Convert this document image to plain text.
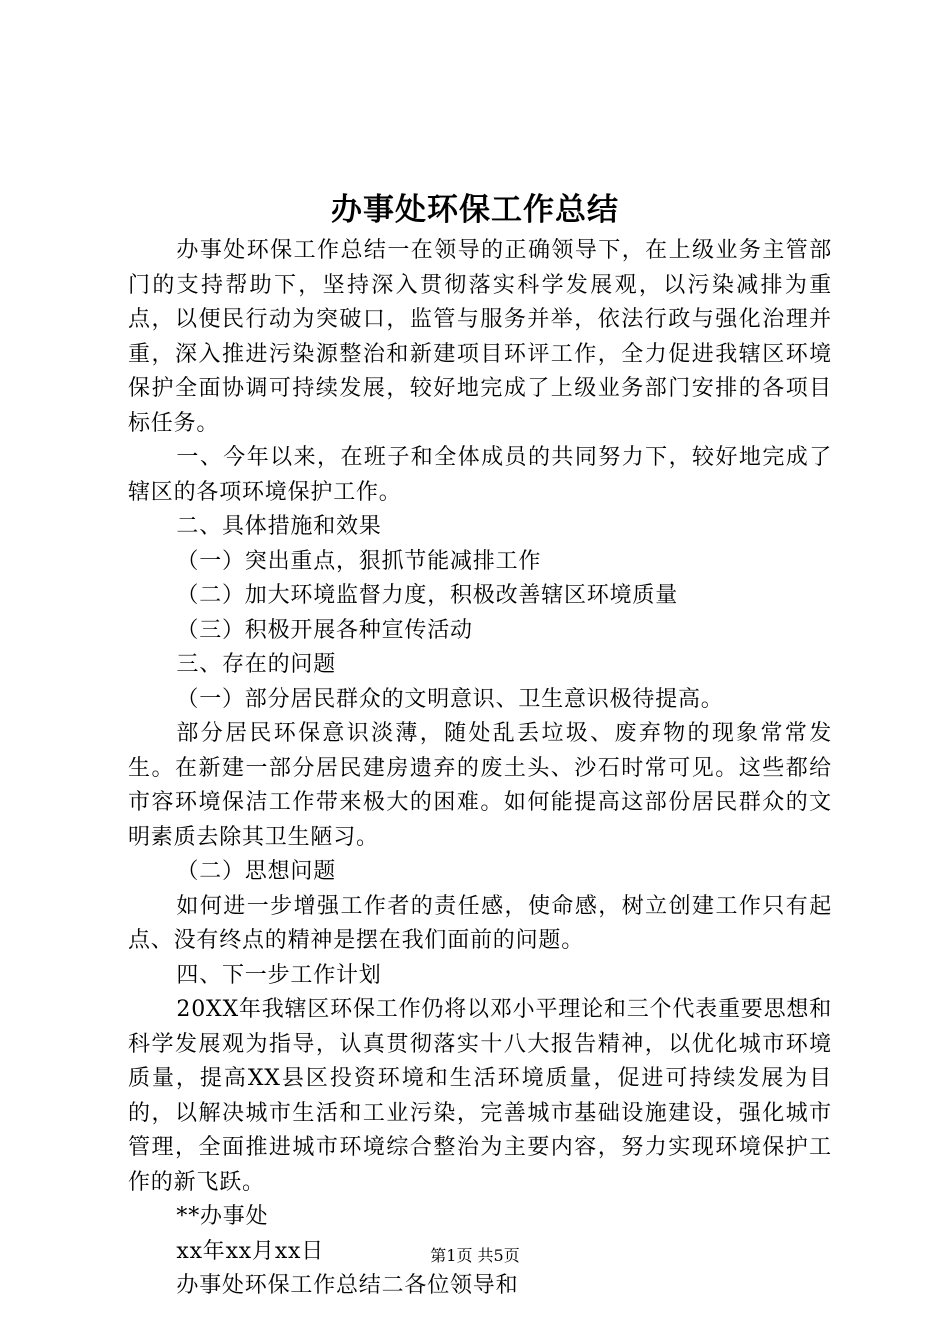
办事处环保工作总结

办事处环保工作总结一在领导的正确领导下，在上级业务主管部门的支持帮助下，坚持深入贯彻落实科学发展观，以污染减排为重点，以便民行动为突破口，监管与服务并举，依法行政与强化治理并重，深入推进污染源整治和新建项目环评工作，全力促进我辖区环境保护全面协调可持续发展，较好地完成了上级业务部门安排的各项目标任务。

一、今年以来，在班子和全体成员的共同努力下，较好地完成了辖区的各项环境保护工作。

二、具体措施和效果

（一）突出重点，狠抓节能减排工作

（二）加大环境监督力度，积极改善辖区环境质量

（三）积极开展各种宣传活动

三、存在的问题

（一）部分居民群众的文明意识、卫生意识极待提高。

部分居民环保意识淡薄，随处乱丢垃圾、废弃物的现象常常发生。在新建一部分居民建房遗弃的废土头、沙石时常可见。这些都给市容环境保洁工作带来极大的困难。如何能提高这部份居民群众的文明素质去除其卫生陋习。

（二）思想问题

如何进一步增强工作者的责任感，使命感，树立创建工作只有起点、没有终点的精神是摆在我们面前的问题。

四、下一步工作计划

20XX年我辖区环保工作仍将以邓小平理论和三个代表重要思想和科学发展观为指导，认真贯彻落实十八大报告精神，以优化城市环境质量，提高XX县区投资环境和生活环境质量，促进可持续发展为目的，以解决城市生活和工业污染，完善城市基础设施建设，强化城市管理，全面推进城市环境综合整治为主要内容，努力实现环境保护工作的新飞跃。

**办事处

xx年xx月xx日

办事处环保工作总结二各位领导和

第1页 共5页
